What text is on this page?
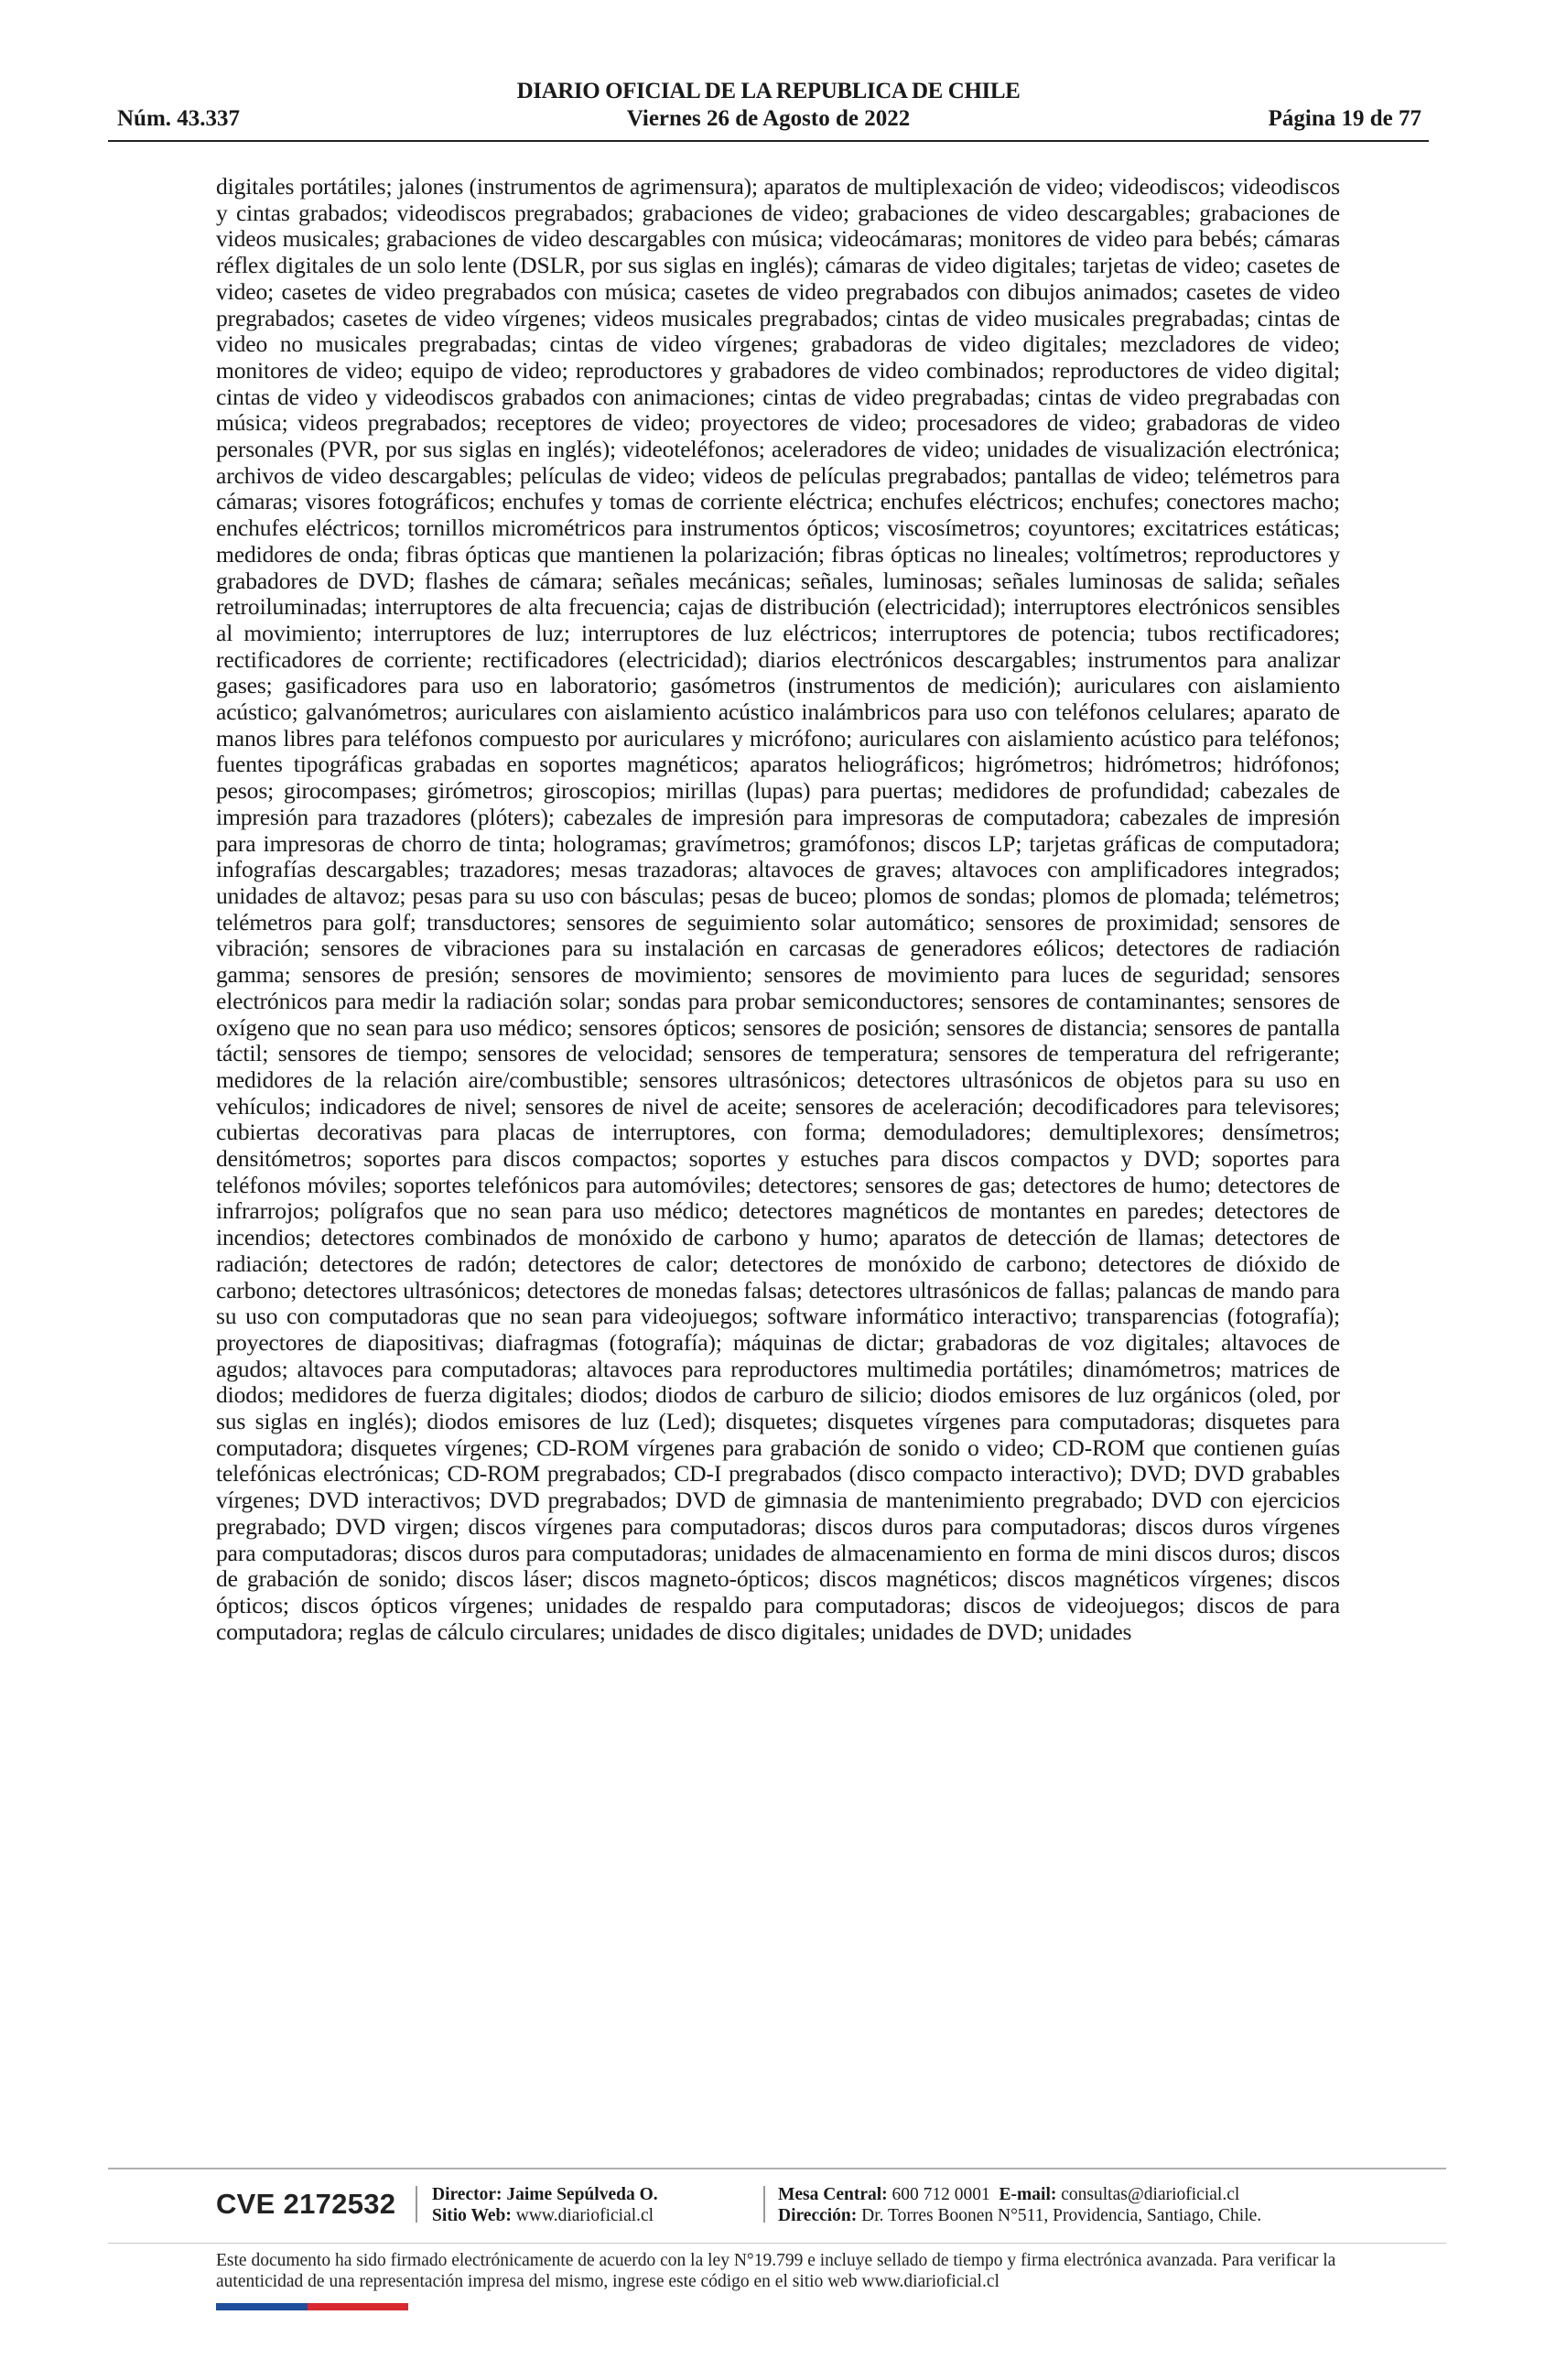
DIARIO OFICIAL DE LA REPUBLICA DE CHILE
Núm. 43.337	Viernes 26 de Agosto de 2022	Página 19 de 77
digitales portátiles; jalones (instrumentos de agrimensura); aparatos de multiplexación de video; videodiscos; videodiscos y cintas grabados; videodiscos pregrabados; grabaciones de video; grabaciones de video descargables; grabaciones de videos musicales; grabaciones de video descargables con música; videocámaras; monitores de video para bebés; cámaras réflex digitales de un solo lente (DSLR, por sus siglas en inglés); cámaras de video digitales; tarjetas de video; casetes de video; casetes de video pregrabados con música; casetes de video pregrabados con dibujos animados; casetes de video pregrabados; casetes de video vírgenes; videos musicales pregrabados; cintas de video musicales pregrabadas; cintas de video no musicales pregrabadas; cintas de video vírgenes; grabadoras de video digitales; mezcladores de video; monitores de video; equipo de video; reproductores y grabadores de video combinados; reproductores de video digital; cintas de video y videodiscos grabados con animaciones; cintas de video pregrabadas; cintas de video pregrabadas con música; videos pregrabados; receptores de video; proyectores de video; procesadores de video; grabadoras de video personales (PVR, por sus siglas en inglés); videoteléfonos; aceleradores de video; unidades de visualización electrónica; archivos de video descargables; películas de video; videos de películas pregrabados; pantallas de video; telémetros para cámaras; visores fotográficos; enchufes y tomas de corriente eléctrica; enchufes eléctricos; enchufes; conectores macho; enchufes eléctricos; tornillos micrométricos para instrumentos ópticos; viscosímetros; coyuntores; excitatrices estáticas; medidores de onda; fibras ópticas que mantienen la polarización; fibras ópticas no lineales; voltímetros; reproductores y grabadores de DVD; flashes de cámara; señales mecánicas; señales, luminosas; señales luminosas de salida; señales retroiluminadas; interruptores de alta frecuencia; cajas de distribución (electricidad); interruptores electrónicos sensibles al movimiento; interruptores de luz; interruptores de luz eléctricos; interruptores de potencia; tubos rectificadores; rectificadores de corriente; rectificadores (electricidad); diarios electrónicos descargables; instrumentos para analizar gases; gasificadores para uso en laboratorio; gasómetros (instrumentos de medición); auriculares con aislamiento acústico; galvanómetros; auriculares con aislamiento acústico inalámbricos para uso con teléfonos celulares; aparato de manos libres para teléfonos compuesto por auriculares y micrófono; auriculares con aislamiento acústico para teléfonos; fuentes tipográficas grabadas en soportes magnéticos; aparatos heliográficos; higrómetros; hidrómetros; hidrófonos; pesos; girocompases; girómetros; giroscopios; mirillas (lupas) para puertas; medidores de profundidad; cabezales de impresión para trazadores (plóters); cabezales de impresión para impresoras de computadora; cabezales de impresión para impresoras de chorro de tinta; hologramas; gravímetros; gramófonos; discos LP; tarjetas gráficas de computadora; infografías descargables; trazadores; mesas trazadoras; altavoces de graves; altavoces con amplificadores integrados; unidades de altavoz; pesas para su uso con básculas; pesas de buceo; plomos de sondas; plomos de plomada; telémetros; telémetros para golf; transductores; sensores de seguimiento solar automático; sensores de proximidad; sensores de vibración; sensores de vibraciones para su instalación en carcasas de generadores eólicos; detectores de radiación gamma; sensores de presión; sensores de movimiento; sensores de movimiento para luces de seguridad; sensores electrónicos para medir la radiación solar; sondas para probar semiconductores; sensores de contaminantes; sensores de oxígeno que no sean para uso médico; sensores ópticos; sensores de posición; sensores de distancia; sensores de pantalla táctil; sensores de tiempo; sensores de velocidad; sensores de temperatura; sensores de temperatura del refrigerante; medidores de la relación aire/combustible; sensores ultrasónicos; detectores ultrasónicos de objetos para su uso en vehículos; indicadores de nivel; sensores de nivel de aceite; sensores de aceleración; decodificadores para televisores; cubiertas decorativas para placas de interruptores, con forma; demoduladores; demultiplexores; densímetros; densitómetros; soportes para discos compactos; soportes y estuches para discos compactos y DVD; soportes para teléfonos móviles; soportes telefónicos para automóviles; detectores; sensores de gas; detectores de humo; detectores de infrarrojos; polígrafos que no sean para uso médico; detectores magnéticos de montantes en paredes; detectores de incendios; detectores combinados de monóxido de carbono y humo; aparatos de detección de llamas; detectores de radiación; detectores de radón; detectores de calor; detectores de monóxido de carbono; detectores de dióxido de carbono; detectores ultrasónicos; detectores de monedas falsas; detectores ultrasónicos de fallas; palancas de mando para su uso con computadoras que no sean para videojuegos; software informático interactivo; transparencias (fotografía); proyectores de diapositivas; diafragmas (fotografía); máquinas de dictar; grabadoras de voz digitales; altavoces de agudos; altavoces para computadoras; altavoces para reproductores multimedia portátiles; dinamómetros; matrices de diodos; medidores de fuerza digitales; diodos; diodos de carburo de silicio; diodos emisores de luz orgánicos (oled, por sus siglas en inglés); diodos emisores de luz (Led); disquetes; disquetes vírgenes para computadoras; disquetes para computadora; disquetes vírgenes; CD-ROM vírgenes para grabación de sonido o video; CD-ROM que contienen guías telefónicas electrónicas; CD-ROM pregrabados; CD-I pregrabados (disco compacto interactivo); DVD; DVD grabables vírgenes; DVD interactivos; DVD pregrabados; DVD de gimnasia de mantenimiento pregrabado; DVD con ejercicios pregrabado; DVD virgen; discos vírgenes para computadoras; discos duros para computadoras; discos duros vírgenes para computadoras; discos duros para computadoras; unidades de almacenamiento en forma de mini discos duros; discos de grabación de sonido; discos láser; discos magneto-ópticos; discos magnéticos; discos magnéticos vírgenes; discos ópticos; discos ópticos vírgenes; unidades de respaldo para computadoras; discos de videojuegos; discos de para computadora; reglas de cálculo circulares; unidades de disco digitales; unidades de DVD; unidades
CVE 2172532 Director: Jaime Sepúlveda O.
Sitio Web: www.diarioficial.cl
Mesa Central: 600 712 0001 E-mail: consultas@diarioficial.cl
Dirección: Dr. Torres Boonen N°511, Providencia, Santiago, Chile.
Este documento ha sido firmado electrónicamente de acuerdo con la ley N°19.799 e incluye sellado de tiempo y firma electrónica avanzada. Para verificar la autenticidad de una representación impresa del mismo, ingrese este código en el sitio web www.diarioficial.cl
